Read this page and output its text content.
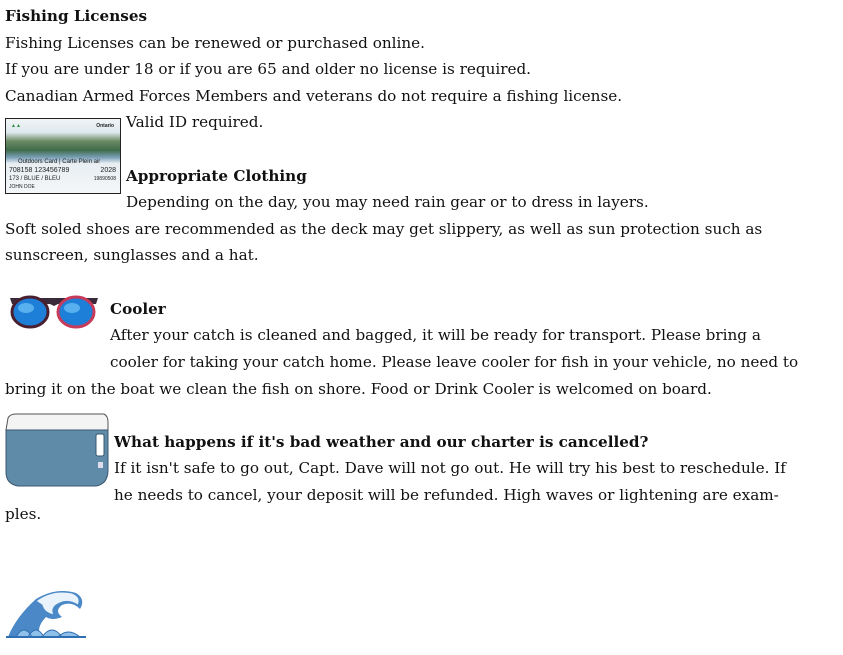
Fishing Licenses
Fishing Licenses can be renewed or purchased online.
If you are under 18 or if you are 65 and older no license is required.
Canadian Armed Forces Members and veterans do not require a fishing license.
▲▲	Ontario
Outdoors Card | Carte Plein air
708158 123456789	2028
173 / BLUE / BLEU	19890508
JOHN DOE
Valid ID required.
Appropriate Clothing
Depending on the day, you may need rain gear or to dress in layers.
Soft soled shoes are recommended as the deck may get slippery, as well as sun protection such as
sunscreen, sunglasses and a hat.
Cooler
After your catch is cleaned and bagged, it will be ready for transport. Please bring a
cooler for taking your catch home. Please leave cooler for fish in your vehicle, no need to
bring it on the boat we clean the fish on shore. Food or Drink Cooler is welcomed on board.
What happens if it's bad weather and our charter is cancelled?
If it isn't safe to go out, Capt. Dave will not go out. He will try his best to reschedule. If
he needs to cancel, your deposit will be refunded. High waves or lightening are exam-
ples.
